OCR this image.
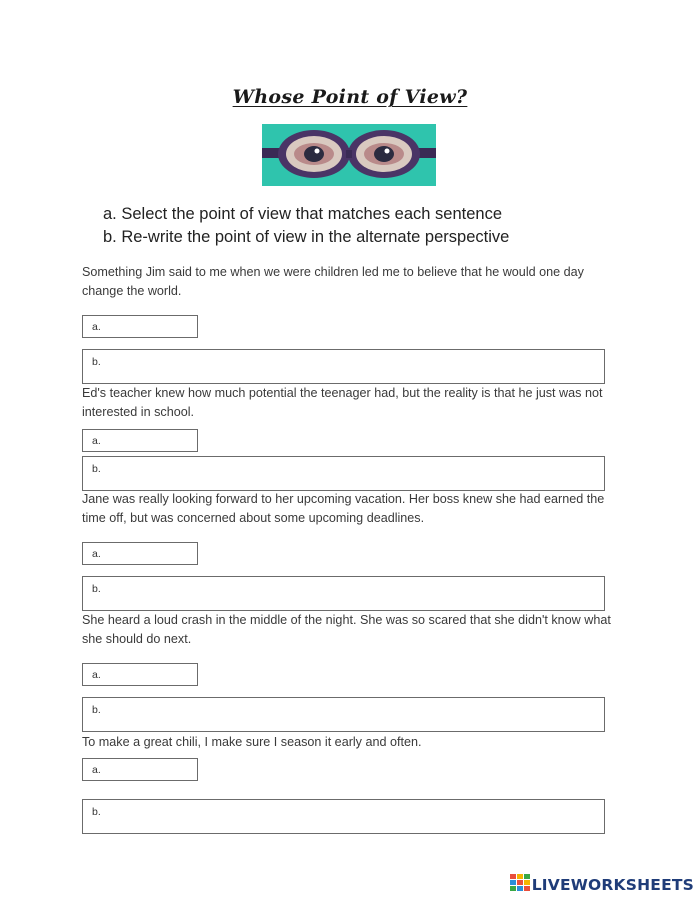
Whose Point of View?
a. Select the point of view that matches each sentence
b. Re-write the point of view in the alternate perspective
Something Jim said to me when we were children led me to believe that he would one day change the world.
a.
b.
Ed's teacher knew how much potential the teenager had, but the reality is that he just was not interested in school.
a.
b.
Jane was really looking forward to her upcoming vacation. Her boss knew she had earned the time off, but was concerned about some upcoming deadlines.
a.
b.
She heard a loud crash in the middle of the night. She was so scared that she didn't know what she should do next.
a.
b.
To make a great chili, I make sure I season it early and often.
a.
b.
LIVEWORKSHEETS
